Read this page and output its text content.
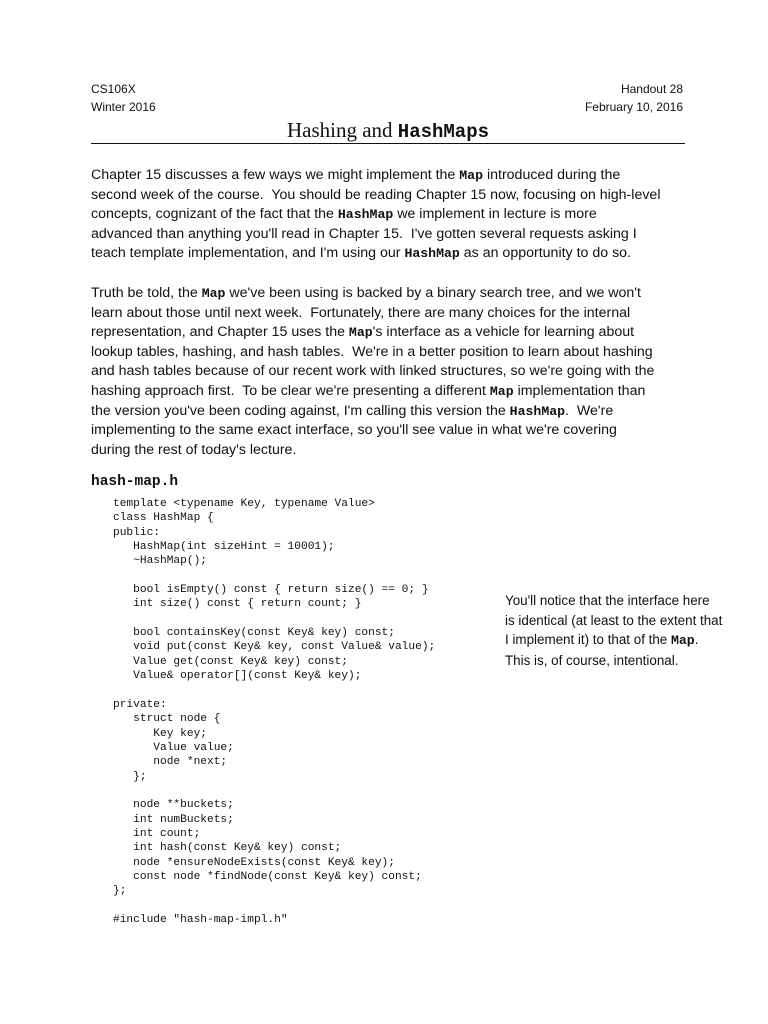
CS106X
Winter 2016
Handout 28
February 10, 2016
Hashing and HashMaps
Chapter 15 discusses a few ways we might implement the Map introduced during the
second week of the course.  You should be reading Chapter 15 now, focusing on high-level
concepts, cognizant of the fact that the HashMap we implement in lecture is more
advanced than anything you'll read in Chapter 15.  I've gotten several requests asking I
teach template implementation, and I'm using our HashMap as an opportunity to do so.
Truth be told, the Map we've been using is backed by a binary search tree, and we won't
learn about those until next week.  Fortunately, there are many choices for the internal
representation, and Chapter 15 uses the Map's interface as a vehicle for learning about
lookup tables, hashing, and hash tables.  We're in a better position to learn about hashing
and hash tables because of our recent work with linked structures, so we're going with the
hashing approach first.  To be clear we're presenting a different Map implementation than
the version you've been coding against, I'm calling this version the HashMap.  We're
implementing to the same exact interface, so you'll see value in what we're covering
during the rest of today's lecture.
hash-map.h
template <typename Key, typename Value>
class HashMap {
public:
HashMap(int sizeHint = 10001);
~HashMap();

bool isEmpty() const { return size() == 0; }
int size() const { return count; }

bool containsKey(const Key& key) const;
void put(const Key& key, const Value& value);
Value get(const Key& key) const;
Value& operator[](const Key& key);

private:
struct node {
Key key;
Value value;
node *next;
};

node **buckets;
int numBuckets;
int count;
int hash(const Key& key) const;
node *ensureNodeExists(const Key& key);
const node *findNode(const Key& key) const;
};

#include "hash-map-impl.h"
You'll notice that the interface here
is identical (at least to the extent that
I implement it) to that of the Map.
This is, of course, intentional.
